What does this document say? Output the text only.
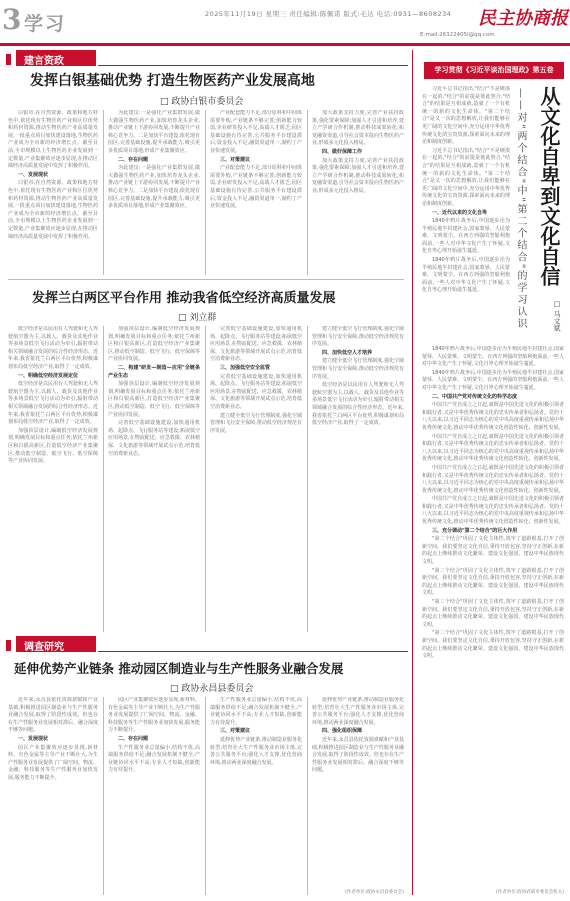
3 学习	2025年11月19日 星期三 责任编辑:陈佩诺 版式:毛达 电话:0931—8608234 民主协商报
E-mail:26322405l@qq.com
建言资政
发挥白银基础优势 打造生物医药产业发展高地
□ 政协白银市委员会

白银市,在自然资源、政策和地方特色中,依托现有生物医药产业和区位优势和药材资源,推动生物医药产业高质量发展,一批重点项目加快建设落地,生物医药产业成为全市新的经济增长点。截至目前,全市规模以上生物医药企业发展到一定数量,产业集聚效应逐步显现,在推动区域经济高质量发展中发挥了积极作用。

一、发展现状

白银市,在自然资源、政策和地方特色中,依托现有生物医药产业和区位优势和药材资源,推动生物医药产业高质量发展,一批重点项目加快建设落地,生物医药产业成为全市新的经济增长点。截至目前,全市规模以上生物医药企业发展到一定数量,产业集聚效应逐步显现,在推动区域经济高质量发展中发挥了积极作用。

为此建议:一是强化产业集群发展,做大做强生物医药产业,加快培育龙头企业,推动产业链上下游协同发展,不断提升产业核心竞争力。二是加快平台建设,依托现有园区,完善基础设施,提升承载能力,吸引更多优质项目落地,形成产业集聚效应。

二、存在问题

为此建议:一是强化产业集群发展,做大做强生物医药产业,加快培育龙头企业,推动产业链上下游协同发展,不断提升产业核心竞争力。二是加快平台建设,依托现有园区,完善基础设施,提升承载能力,吸引更多优质项目落地,形成产业集聚效应。

产业配套能力不足,部分原料和中间体需要外购,产业链条不够完善;创新能力较弱,企业研发投入不足,高端人才匮乏;园区基础设施有待完善,公共服务平台建设滞后;资金投入不足,融资渠道单一,制约了产业快速发展。

三、对策建议

产业配套能力不足,部分原料和中间体需要外购,产业链条不够完善;创新能力较弱,企业研发投入不足,高端人才匮乏;园区基础设施有待完善,公共服务平台建设滞后;资金投入不足,融资渠道单一,制约了产业快速发展。

加大政策支持力度,完善产业扶持政策,强化要素保障;加强人才引进和培养,建立产学研合作机制,推动科技成果转化;拓宽融资渠道,引导社会资本投向生物医药产业,形成多元化投入格局。

四、做好保障工作

加大政策支持力度,完善产业扶持政策,强化要素保障;加强人才引进和培养,建立产学研合作机制,推动科技成果转化;拓宽融资渠道,引导社会资本投向生物医药产业,形成多元化投入格局。

发挥兰白两区平台作用 推动我省低空经济高质量发展
□ 刘立群

低空经济是以民用有人驾驶和无人驾驶航空器为主,以载人、载货及其他作业等多场景低空飞行活动为牵引,辐射带动相关领域融合发展的综合性经济形态。近年来,我省依托兰白两区平台优势,积极谋划布局低空经济产业,取得了一定成效。

一、明确低空经济发展定位

低空经济是以民用有人驾驶和无人驾驶航空器为主,以载人、载货及其他作业等多场景低空飞行活动为牵引,辐射带动相关领域融合发展的综合性经济形态。近年来,我省依托兰白两区平台优势,积极谋划布局低空经济产业,取得了一定成效。

加强顶层设计,编制低空经济发展规划,明确发展目标和重点任务;依托兰州新区和白银高新区,打造低空经济产业集聚区,推动低空制造、低空飞行、低空保障等产业协同发展。

加强顶层设计,编制低空经济发展规划,明确发展目标和重点任务;依托兰州新区和白银高新区,打造低空经济产业集聚区,推动低空制造、低空飞行、低空保障等产业协同发展。

二、构建"研发—制造—应用"全链条产业生态

加强顶层设计,编制低空经济发展规划,明确发展目标和重点任务;依托兰州新区和白银高新区,打造低空经济产业集聚区,推动低空制造、低空飞行、低空保障等产业协同发展。

完善低空基础设施建设,加快通用机场、起降点、飞行服务站等建设;拓展低空应用场景,在物流配送、应急救援、农林植保、文化旅游等领域开展试点示范,培育低空消费新业态。

完善低空基础设施建设,加快通用机场、起降点、飞行服务站等建设;拓展低空应用场景,在物流配送、应急救援、农林植保、文化旅游等领域开展试点示范,培育低空消费新业态。

三、加强低空安全监管

完善低空基础设施建设,加快通用机场、起降点、飞行服务站等建设;拓展低空应用场景,在物流配送、应急救援、农林植保、文化旅游等领域开展试点示范,培育低空消费新业态。

建立健全低空飞行管理制度,强化空域管理和飞行安全保障,推动低空经济规范有序发展。

建立健全低空飞行管理制度,强化空域管理和飞行安全保障,推动低空经济规范有序发展。

四、加快低空人才培养

建立健全低空飞行管理制度,强化空域管理和飞行安全保障,推动低空经济规范有序发展。

低空经济是以民用有人驾驶和无人驾驶航空器为主,以载人、载货及其他作业等多场景低空飞行活动为牵引,辐射带动相关领域融合发展的综合性经济形态。近年来,我省依托兰白两区平台优势,积极谋划布局低空经济产业,取得了一定成效。

调查研究
延伸优势产业链条 推动园区制造业与生产性服务业融合发展
□ 政协永昌县委员会

近年来,永昌县依托资源禀赋和产业基础,积极推进园区制造业与生产性服务业融合发展,取得了阶段性成效。但也存在生产性服务业发展相对滞后、融合深度不够等问题。

一、发展现状

园区产业集聚效应逐步显现,新材料、有色金属等主导产业不断壮大,为生产性服务业发展提供了广阔空间。物流、金融、科技服务等生产性服务业加快发展,服务能力不断提升。

园区产业集聚效应逐步显现,新材料、有色金属等主导产业不断壮大,为生产性服务业发展提供了广阔空间。物流、金融、科技服务等生产性服务业加快发展,服务能力不断提升。

二、存在问题

生产性服务业总量偏小,结构不优,高端服务供给不足;融合发展机制不健全,产业链协同水平不高;专业人才短缺,创新能力有待提升。

生产性服务业总量偏小,结构不优,高端服务供给不足;融合发展机制不健全,产业链协同水平不高;专业人才短缺,创新能力有待提升。

三、对策建议

延伸优势产业链条,推动制造业服务化转型;培育壮大生产性服务业市场主体,完善公共服务平台;强化人才支撑,优化营商环境,推动两业深度融合发展。

延伸优势产业链条,推动制造业服务化转型;培育壮大生产性服务业市场主体,完善公共服务平台;强化人才支撑,优化营商环境,推动两业深度融合发展。

四、强化组织保障

近年来,永昌县依托资源禀赋和产业基础,积极推进园区制造业与生产性服务业融合发展,取得了阶段性成效。但也存在生产性服务业发展相对滞后、融合深度不够等问题。

(作者单位:政协永昌县委员会)
学习贯彻《习近平谈治国理政》第五卷

习近平总书记指出,"结合"不是硬凑在一起的,"结合"的前提是彼此契合,"结合"的结果是互相成就,造就了一个有机统一的新的文化生命体。"第二个结合"是又一次的思想解放,让我们能够在更广阔的文化空间中,充分运用中华优秀传统文化的宝贵资源,探索面向未来的理论和制度创新。

习近平总书记指出,"结合"不是硬凑在一起的,"结合"的前提是彼此契合,"结合"的结果是互相成就,造就了一个有机统一的新的文化生命体。"第二个结合"是又一次的思想解放,让我们能够在更广阔的文化空间中,充分运用中华优秀传统文化的宝贵资源,探索面向未来的理论和制度创新。

一、近代以来的文化自卑

1840年鸦片战争后,中国逐步沦为半殖民地半封建社会,国家蒙辱、人民蒙难、文明蒙尘。在西方列强的坚船利炮面前,一些人对中华文化产生了怀疑,文化自卑心理开始滋生蔓延。

1840年鸦片战争后,中国逐步沦为半殖民地半封建社会,国家蒙辱、人民蒙难、文明蒙尘。在西方列强的坚船利炮面前,一些人对中华文化产生了怀疑,文化自卑心理开始滋生蔓延。

从文化自卑到文化自信
——对"两个结合"中"第二个结合"的学习认识	□ 马文斌

1840年鸦片战争后,中国逐步沦为半殖民地半封建社会,国家蒙辱、人民蒙难、文明蒙尘。在西方列强的坚船利炮面前,一些人对中华文化产生了怀疑,文化自卑心理开始滋生蔓延。

1840年鸦片战争后,中国逐步沦为半殖民地半封建社会,国家蒙辱、人民蒙难、文明蒙尘。在西方列强的坚船利炮面前,一些人对中华文化产生了怀疑,文化自卑心理开始滋生蔓延。

二、中国共产党对传统文化的科学态度

中国共产党自成立之日起,就既是中国先进文化的积极引领者和践行者,又是中华优秀传统文化的忠实传承者和弘扬者。党的十八大以来,以习近平同志为核心的党中央高度重视传承和弘扬中华优秀传统文化,推动中华优秀传统文化创造性转化、创新性发展。

中国共产党自成立之日起,就既是中国先进文化的积极引领者和践行者,又是中华优秀传统文化的忠实传承者和弘扬者。党的十八大以来,以习近平同志为核心的党中央高度重视传承和弘扬中华优秀传统文化,推动中华优秀传统文化创造性转化、创新性发展。

中国共产党自成立之日起,就既是中国先进文化的积极引领者和践行者,又是中华优秀传统文化的忠实传承者和弘扬者。党的十八大以来,以习近平同志为核心的党中央高度重视传承和弘扬中华优秀传统文化,推动中华优秀传统文化创造性转化、创新性发展。

中国共产党自成立之日起,就既是中国先进文化的积极引领者和践行者,又是中华优秀传统文化的忠实传承者和弘扬者。党的十八大以来,以习近平同志为核心的党中央高度重视传承和弘扬中华优秀传统文化,推动中华优秀传统文化创造性转化、创新性发展。

三、充分调动"第二个结合"的巨大作用

"第二个结合"巩固了文化主体性,筑牢了道路根基,打开了创新空间。我们要坚定文化自信,秉持开放包容,坚持守正创新,在新的起点上继续推动文化繁荣、建设文化强国、建设中华民族现代文明。

"第二个结合"巩固了文化主体性,筑牢了道路根基,打开了创新空间。我们要坚定文化自信,秉持开放包容,坚持守正创新,在新的起点上继续推动文化繁荣、建设文化强国、建设中华民族现代文明。

"第二个结合"巩固了文化主体性,筑牢了道路根基,打开了创新空间。我们要坚定文化自信,秉持开放包容,坚持守正创新,在新的起点上继续推动文化繁荣、建设文化强国、建设中华民族现代文明。

"第二个结合"巩固了文化主体性,筑牢了道路根基,打开了创新空间。我们要坚定文化自信,秉持开放包容,坚持守正创新,在新的起点上继续推动文化繁荣、建设文化强国、建设中华民族现代文明。

(作者单位:政协武威市委员会机关)
